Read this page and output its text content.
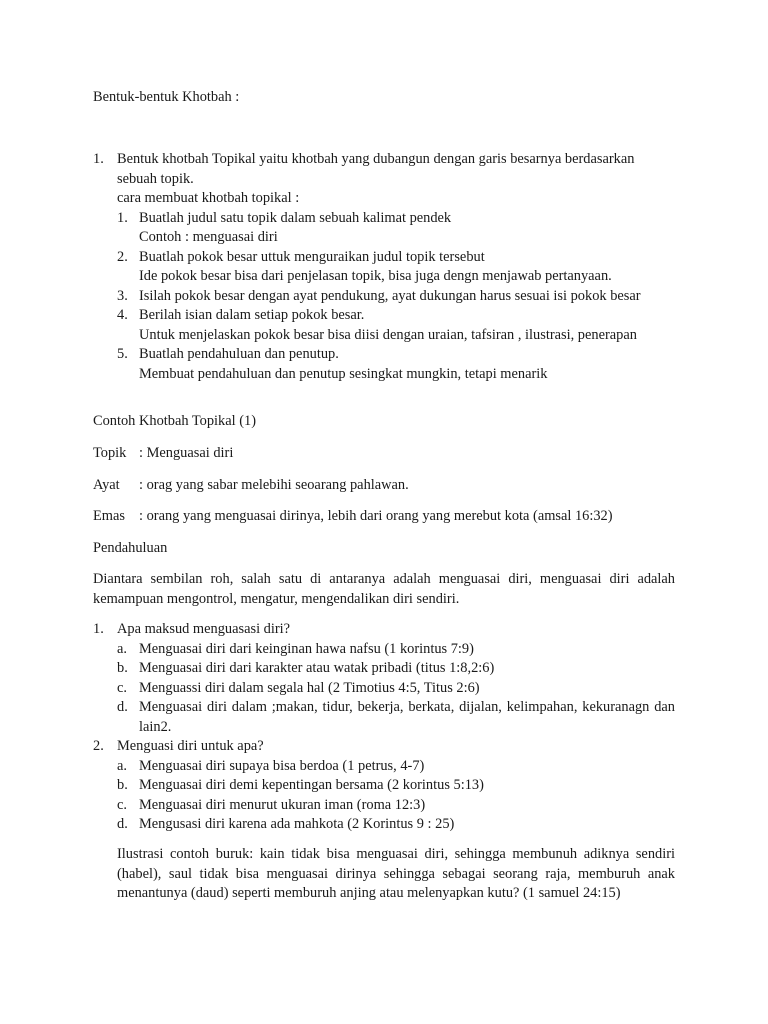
Bentuk-bentuk Khotbah :
1. Bentuk khotbah Topikal yaitu khotbah yang dubangun dengan garis besarnya berdasarkan
sebuah topik.
cara membuat khotbah topikal :
1. Buatlah judul satu topik dalam sebuah kalimat pendek
Contoh : menguasai diri
2. Buatlah pokok besar uttuk menguraikan judul topik tersebut
Ide pokok besar bisa dari penjelasan topik, bisa juga dengn menjawab pertanyaan.
3. Isilah pokok besar dengan ayat pendukung, ayat dukungan harus sesuai isi pokok besar
4. Berilah isian dalam setiap pokok besar.
Untuk menjelaskan pokok besar bisa diisi dengan uraian, tafsiran , ilustrasi, penerapan
5. Buatlah pendahuluan dan penutup.
Membuat pendahuluan dan penutup sesingkat mungkin, tetapi menarik
Contoh Khotbah Topikal (1)
Topik : Menguasai diri
Ayat : orag yang sabar melebihi seoarang pahlawan.
Emas : orang yang menguasai dirinya, lebih dari orang yang merebut kota (amsal 16:32)
Pendahuluan
Diantara sembilan roh, salah satu di antaranya adalah menguasai diri, menguasai diri adalah kemampuan mengontrol, mengatur, mengendalikan diri sendiri.
1. Apa maksud menguasasi diri?
a. Menguasai diri dari keinginan hawa nafsu (1 korintus 7:9)
b. Menguasai diri dari karakter atau watak pribadi (titus 1:8,2:6)
c. Menguassi diri dalam segala hal (2 Timotius 4:5, Titus 2:6)
d. Menguasai diri dalam ;makan, tidur, bekerja, berkata, dijalan, kelimpahan, kekuranagn dan lain2.
2. Menguasi diri untuk apa?
a. Menguasai diri supaya bisa berdoa (1 petrus, 4-7)
b. Menguasai diri demi kepentingan bersama (2 korintus 5:13)
c. Menguasai diri menurut ukuran iman (roma 12:3)
d. Mengusasi diri karena ada mahkota (2 Korintus 9 : 25)
Ilustrasi contoh buruk: kain tidak bisa menguasai diri, sehingga membunuh adiknya sendiri (habel), saul tidak bisa menguasai dirinya sehingga sebagai seorang raja, memburuh anak menantunya (daud) seperti memburuh anjing atau melenyapkan kutu? (1 samuel 24:15)
